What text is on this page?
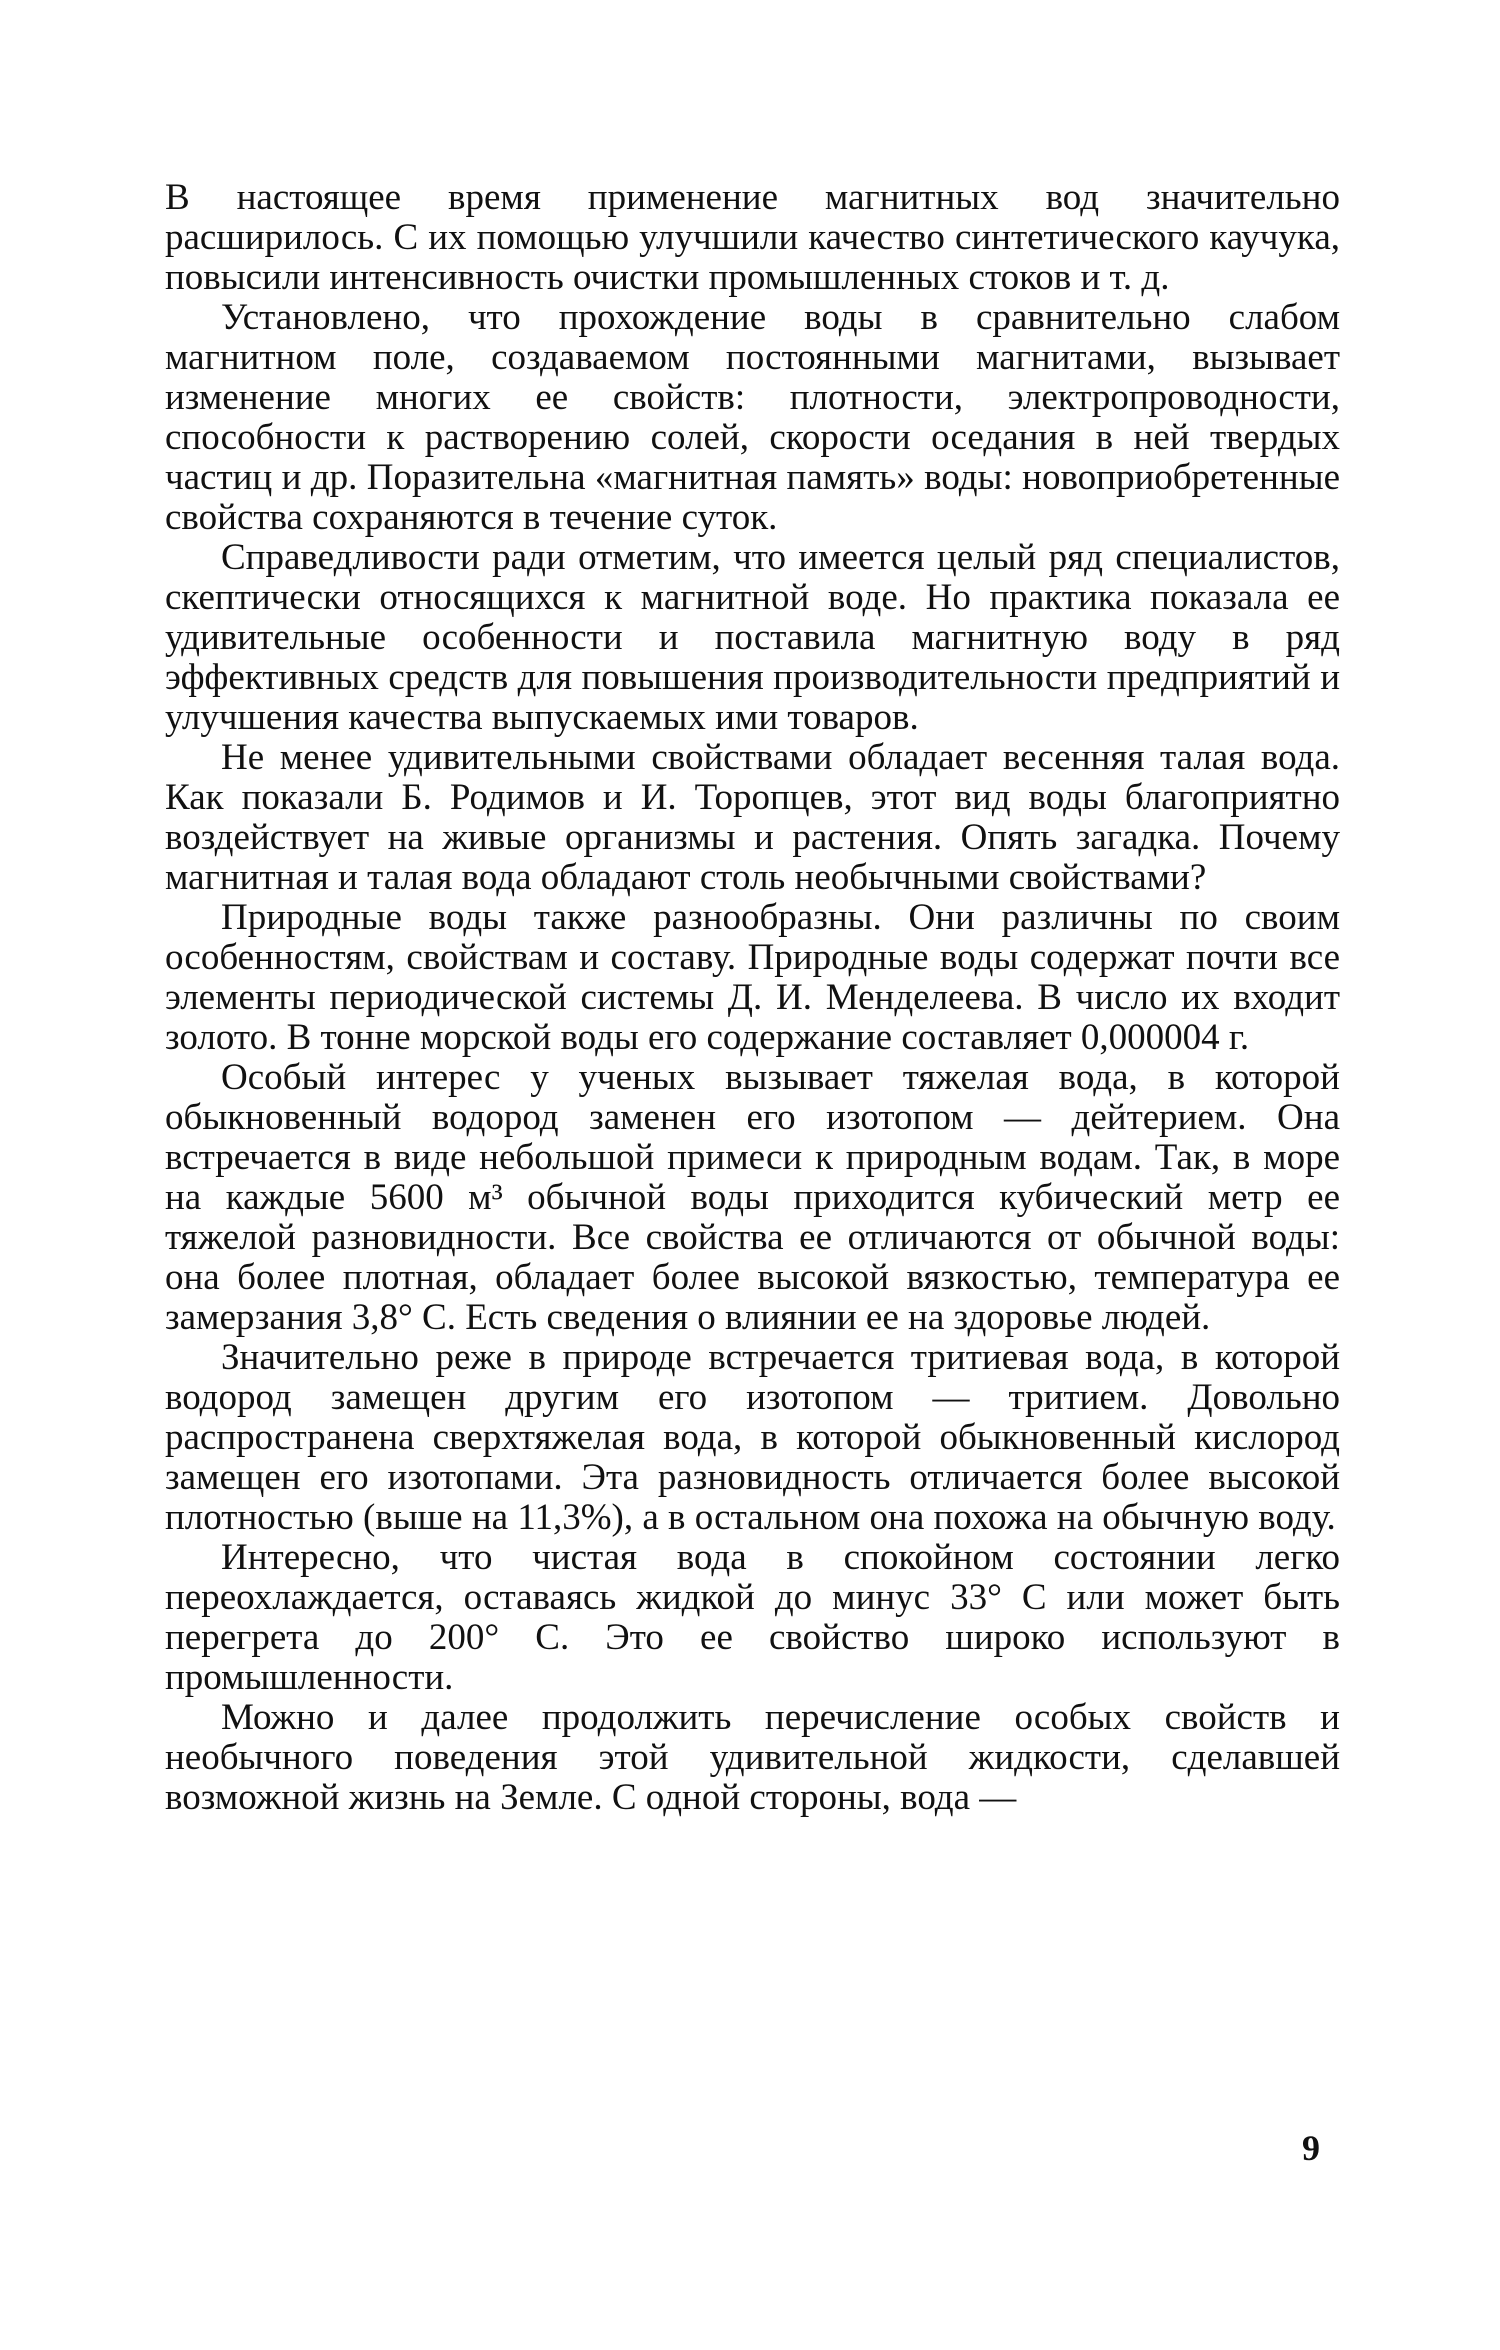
В настоящее время применение магнитных вод значительно расширилось. С их помощью улучшили качество синтетического каучука, повысили интенсивность очистки промышленных стоков и т. д.

Установлено, что прохождение воды в сравнительно слабом магнитном поле, создаваемом постоянными магнитами, вызывает изменение многих ее свойств: плотности, электропроводности, способности к растворению солей, скорости оседания в ней твердых частиц и др. Поразительна «магнитная память» воды: новоприобретенные свойства сохраняются в течение суток.

Справедливости ради отметим, что имеется целый ряд специалистов, скептически относящихся к магнитной воде. Но практика показала ее удивительные особенности и поставила магнитную воду в ряд эффективных средств для повышения производительности предприятий и улучшения качества выпускаемых ими товаров.

Не менее удивительными свойствами обладает весенняя талая вода. Как показали Б. Родимов и И. Торопцев, этот вид воды благоприятно воздействует на живые организмы и растения. Опять загадка. Почему магнитная и талая вода обладают столь необычными свойствами?

Природные воды также разнообразны. Они различны по своим особенностям, свойствам и составу. Природные воды содержат почти все элементы периодической системы Д. И. Менделеева. В число их входит золото. В тонне морской воды его содержание составляет 0,000004 г.

Особый интерес у ученых вызывает тяжелая вода, в которой обыкновенный водород заменен его изотопом — дейтерием. Она встречается в виде небольшой примеси к природным водам. Так, в море на каждые 5600 м³ обычной воды приходится кубический метр ее тяжелой разновидности. Все свойства ее отличаются от обычной воды: она более плотная, обладает более высокой вязкостью, температура ее замерзания 3,8° С. Есть сведения о влиянии ее на здоровье людей.

Значительно реже в природе встречается тритиевая вода, в которой водород замещен другим его изотопом — тритием. Довольно распространена сверхтяжелая вода, в которой обыкновенный кислород замещен его изотопами. Эта разновидность отличается более высокой плотностью (выше на 11,3%), а в остальном она похожа на обычную воду.

Интересно, что чистая вода в спокойном состоянии легко переохлаждается, оставаясь жидкой до минус 33° С или может быть перегрета до 200° С. Это ее свойство широко используют в промышленности.

Можно и далее продолжить перечисление особых свойств и необычного поведения этой удивительной жидкости, сделавшей возможной жизнь на Земле. С одной стороны, вода —

9
